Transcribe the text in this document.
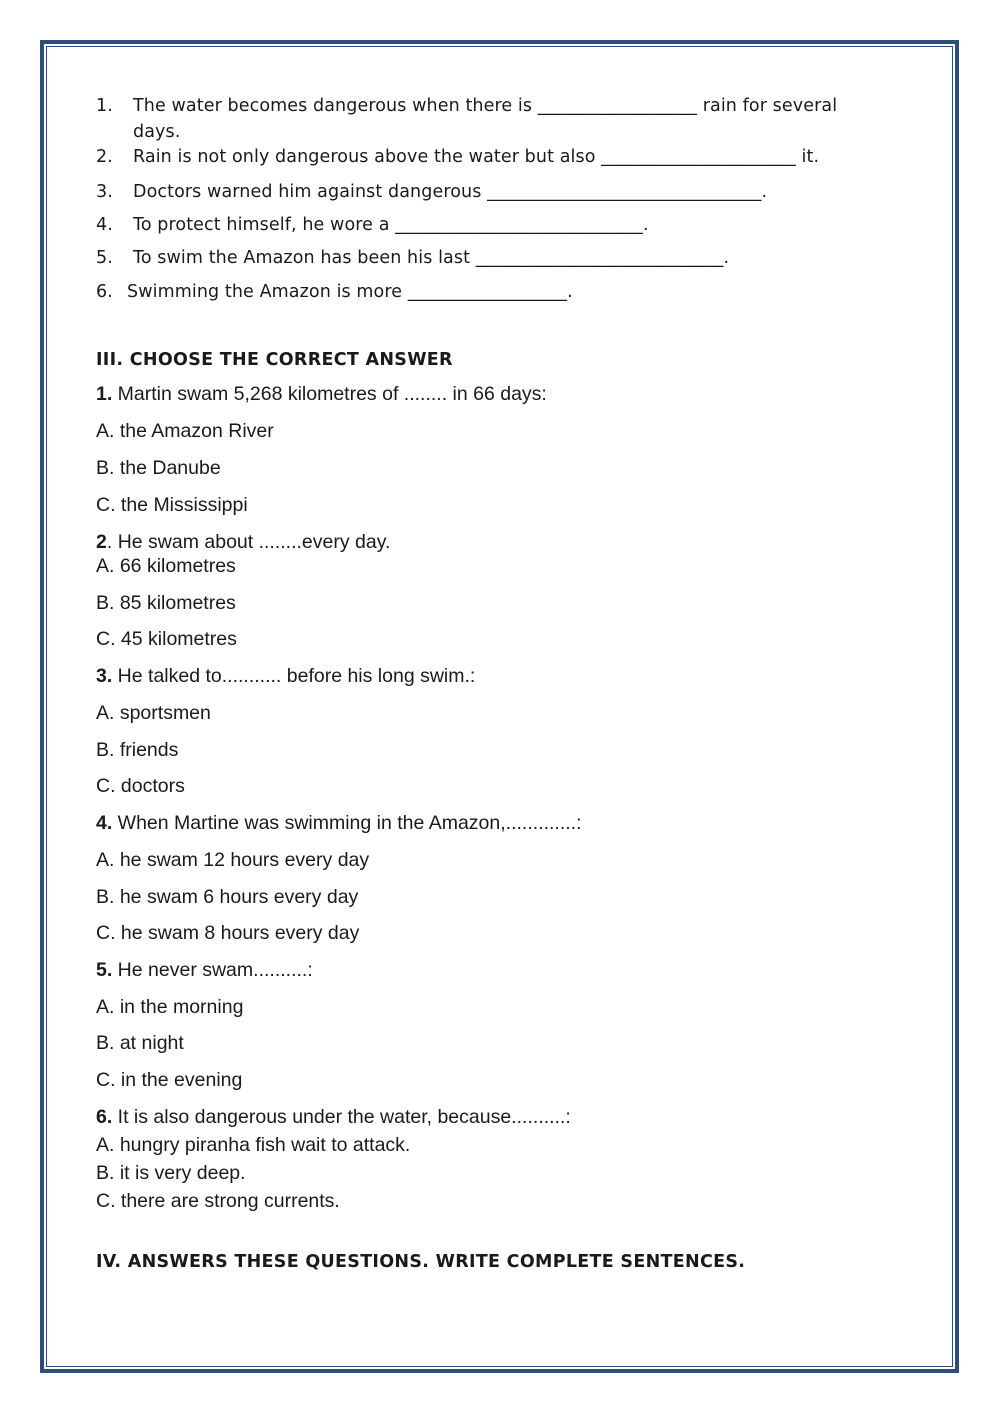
1. The water becomes dangerous when there is __________________ rain for several
days.
2. Rain is not only dangerous above the water but also ______________________ it.
3. Doctors warned him against dangerous _______________________________.
4. To protect himself, he wore a ____________________________.
5. To swim the Amazon has been his last ____________________________.
6. Swimming the Amazon is more __________________.
III. CHOOSE THE CORRECT ANSWER
1. Martin swam 5,268 kilometres of ........ in 66 days:
A. the Amazon River
B. the Danube
C. the Mississippi
2. He swam about ........every day.
A. 66 kilometres
B. 85 kilometres
C. 45 kilometres
3. He talked to........... before his long swim.:
A. sportsmen
B. friends
C. doctors
4. When Martine was swimming in the Amazon,.............:
A. he swam 12 hours every day
B. he swam 6 hours every day
C. he swam 8 hours every day
5. He never swam..........:
A. in the morning
B. at night
C. in the evening
6. It is also dangerous under the water, because..........:
A. hungry piranha fish wait to attack.
B. it is very deep.
C. there are strong currents.
IV. ANSWERS THESE QUESTIONS. WRITE COMPLETE SENTENCES.
